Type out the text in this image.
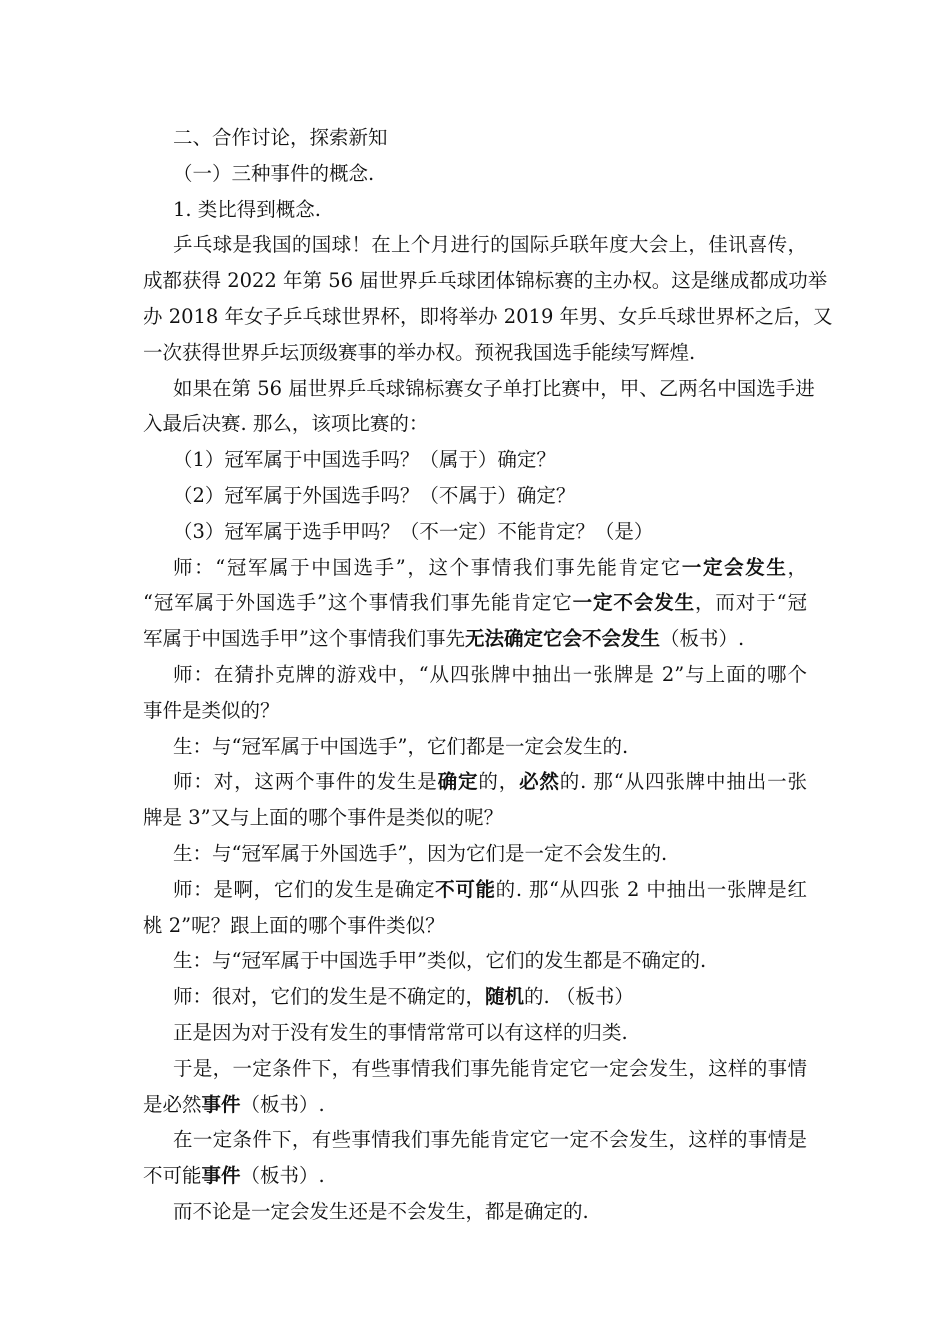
二、合作讨论，探索新知
（一）三种事件的概念.
1. 类比得到概念.
乒乓球是我国的国球！在上个月进行的国际乒联年度大会上，佳讯喜传，
成都获得 2022 年第 56 届世界乒乓球团体锦标赛的主办权。这是继成都成功举
办 2018 年女子乒乓球世界杯，即将举办 2019 年男、女乒乓球世界杯之后，又
一次获得世界乒坛顶级赛事的举办权。预祝我国选手能续写辉煌.
如果在第 56 届世界乒乓球锦标赛女子单打比赛中，甲、乙两名中国选手进
入最后决赛. 那么，该项比赛的：
（1）冠军属于中国选手吗？（属于）确定？
（2）冠军属于外国选手吗？（不属于）确定？
（3）冠军属于选手甲吗？（不一定）不能肯定？（是）
师：“冠军属于中国选手”，这个事情我们事先能肯定它一定会发生，
“冠军属于外国选手”这个事情我们事先能肯定它一定不会发生，而对于“冠
军属于中国选手甲”这个事情我们事先无法确定它会不会发生（板书）.
师：在猜扑克牌的游戏中，“从四张牌中抽出一张牌是 2”与上面的哪个
事件是类似的？
生：与“冠军属于中国选手”，它们都是一定会发生的.
师：对，这两个事件的发生是确定的，必然的. 那“从四张牌中抽出一张
牌是 3”又与上面的哪个事件是类似的呢？
生：与“冠军属于外国选手”，因为它们是一定不会发生的.
师：是啊，它们的发生是确定不可能的. 那“从四张 2 中抽出一张牌是红
桃 2”呢？跟上面的哪个事件类似？
生：与“冠军属于中国选手甲”类似，它们的发生都是不确定的.
师：很对，它们的发生是不确定的，随机的. （板书）
正是因为对于没有发生的事情常常可以有这样的归类.
于是，一定条件下，有些事情我们事先能肯定它一定会发生，这样的事情
是必然事件（板书）.
在一定条件下，有些事情我们事先能肯定它一定不会发生，这样的事情是
不可能事件（板书）.
而不论是一定会发生还是不会发生，都是确定的.
